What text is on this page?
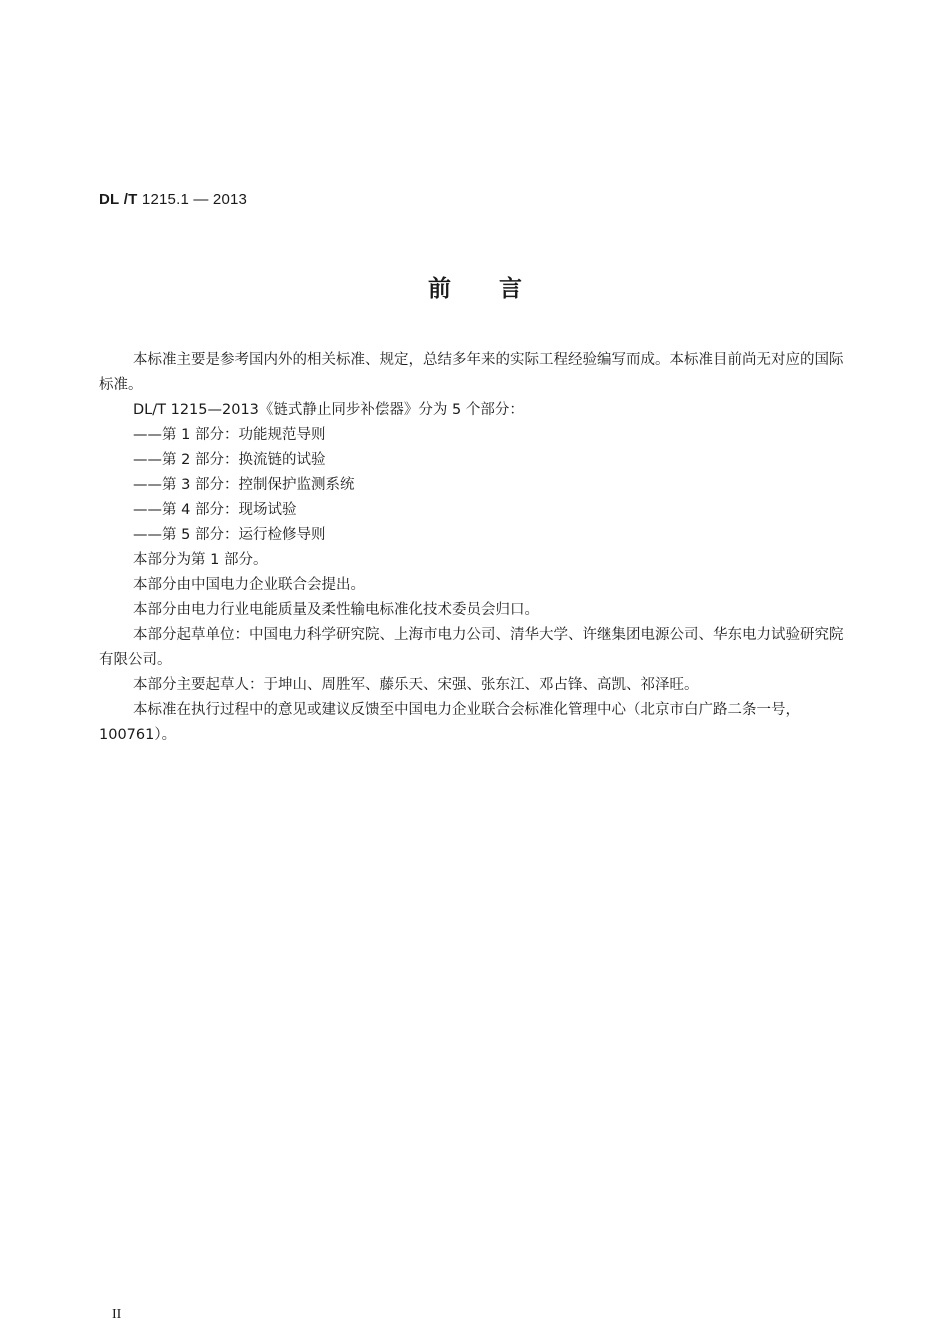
DL /T 1215.1 — 2013
前言

本标准主要是参考国内外的相关标准、规定，总结多年来的实际工程经验编写而成。本标准目前尚无对应的国际标准。

DL/T 1215—2013《链式静止同步补偿器》分为 5 个部分：

——第 1 部分：功能规范导则

——第 2 部分：换流链的试验

——第 3 部分：控制保护监测系统

——第 4 部分：现场试验

——第 5 部分：运行检修导则

本部分为第 1 部分。

本部分由中国电力企业联合会提出。

本部分由电力行业电能质量及柔性输电标准化技术委员会归口。

本部分起草单位：中国电力科学研究院、上海市电力公司、清华大学、许继集团电源公司、华东电力试验研究院有限公司。

本部分主要起草人：于坤山、周胜军、藤乐天、宋强、张东江、邓占锋、高凯、祁泽旺。

本标准在执行过程中的意见或建议反馈至中国电力企业联合会标准化管理中心（北京市白广路二条一号，100761）。

II
